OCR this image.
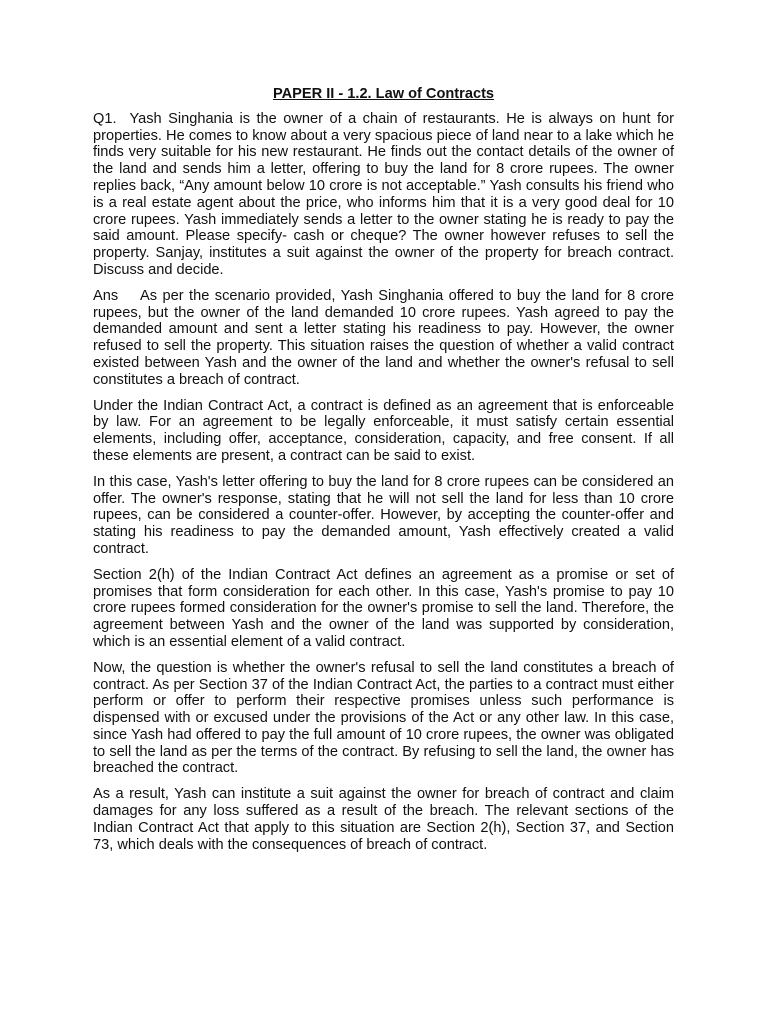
PAPER II - 1.2. Law of Contracts

Q1. Yash Singhania is the owner of a chain of restaurants. He is always on hunt for properties. He comes to know about a very spacious piece of land near to a lake which he finds very suitable for his new restaurant. He finds out the contact details of the owner of the land and sends him a letter, offering to buy the land for 8 crore rupees. The owner replies back, “Any amount below 10 crore is not acceptable.” Yash consults his friend who is a real estate agent about the price, who informs him that it is a very good deal for 10 crore rupees. Yash immediately sends a letter to the owner stating he is ready to pay the said amount. Please specify- cash or cheque? The owner however refuses to sell the property. Sanjay, institutes a suit against the owner of the property for breach contract. Discuss and decide.

Ans As per the scenario provided, Yash Singhania offered to buy the land for 8 crore rupees, but the owner of the land demanded 10 crore rupees. Yash agreed to pay the demanded amount and sent a letter stating his readiness to pay. However, the owner refused to sell the property. This situation raises the question of whether a valid contract existed between Yash and the owner of the land and whether the owner's refusal to sell constitutes a breach of contract.

Under the Indian Contract Act, a contract is defined as an agreement that is enforceable by law. For an agreement to be legally enforceable, it must satisfy certain essential elements, including offer, acceptance, consideration, capacity, and free consent. If all these elements are present, a contract can be said to exist.

In this case, Yash's letter offering to buy the land for 8 crore rupees can be considered an offer. The owner's response, stating that he will not sell the land for less than 10 crore rupees, can be considered a counter-offer. However, by accepting the counter-offer and stating his readiness to pay the demanded amount, Yash effectively created a valid contract.

Section 2(h) of the Indian Contract Act defines an agreement as a promise or set of promises that form consideration for each other. In this case, Yash's promise to pay 10 crore rupees formed consideration for the owner's promise to sell the land. Therefore, the agreement between Yash and the owner of the land was supported by consideration, which is an essential element of a valid contract.

Now, the question is whether the owner's refusal to sell the land constitutes a breach of contract. As per Section 37 of the Indian Contract Act, the parties to a contract must either perform or offer to perform their respective promises unless such performance is dispensed with or excused under the provisions of the Act or any other law. In this case, since Yash had offered to pay the full amount of 10 crore rupees, the owner was obligated to sell the land as per the terms of the contract. By refusing to sell the land, the owner has breached the contract.

As a result, Yash can institute a suit against the owner for breach of contract and claim damages for any loss suffered as a result of the breach. The relevant sections of the Indian Contract Act that apply to this situation are Section 2(h), Section 37, and Section 73, which deals with the consequences of breach of contract.
